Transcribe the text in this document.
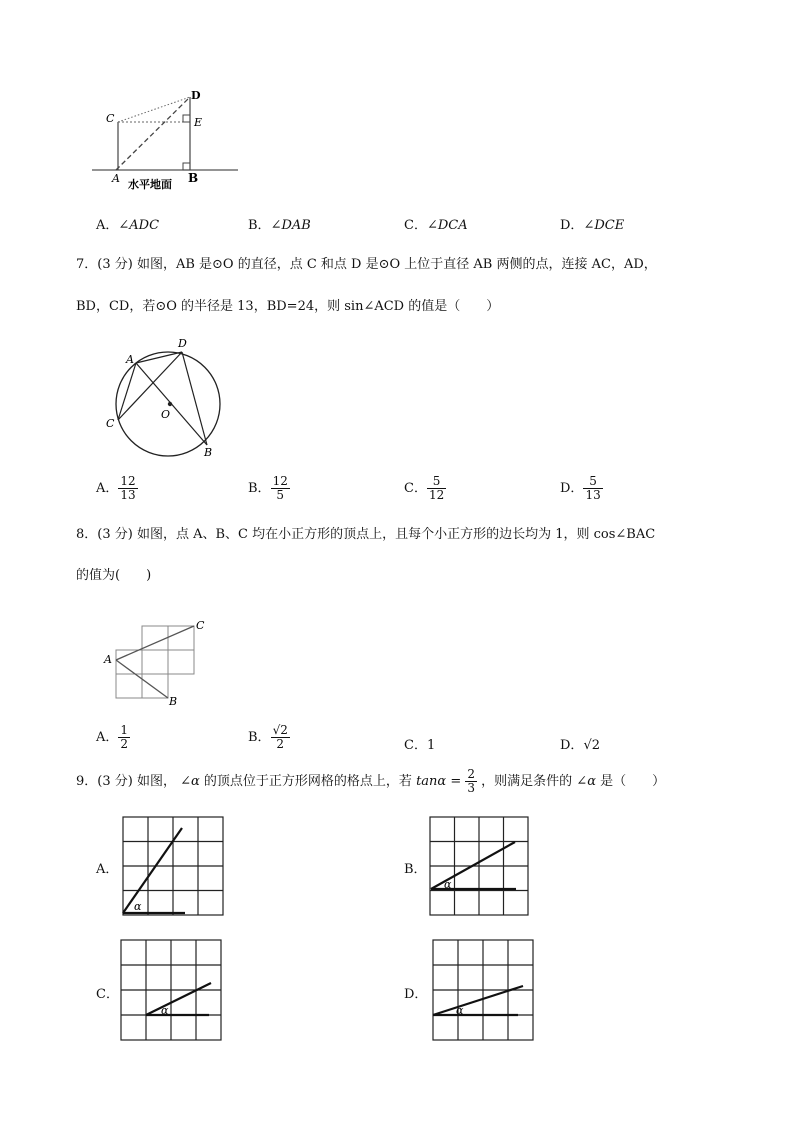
D
E
C
A	B
水平地面
A．∠ADC	B．∠DAB	C．∠DCA	D．∠DCE
7．(3 分) 如图，AB 是⊙O 的直径，点 C 和点 D 是⊙O 上位于直径 AB 两侧的点，连接 AC，AD，
BD，CD，若⊙O 的半径是 13，BD=24，则 sin∠ACD 的值是（　　）
A
D
C
O
B
A． $\frac{12}{13}$	B． $\frac{12}{5}$	C． $\frac{5}{12}$	D． $\frac{5}{13}$
8．(3 分) 如图，点 A、B、C 均在小正方形的顶点上，且每个小正方形的边长均为 1，则 cos∠BAC
的值为(　　)
A
C
B
A． $\frac{1}{2}$	B． $\frac{√2}{2}$	C．1	D．√2
9．(3 分) 如图， ∠α 的顶点位于正方形网格的格点上，若 $\tan\alpha = \frac{2}{3}$ ，则满足条件的 ∠α 是（　　）
A．
α
B．
α
C．
α
D．
α
